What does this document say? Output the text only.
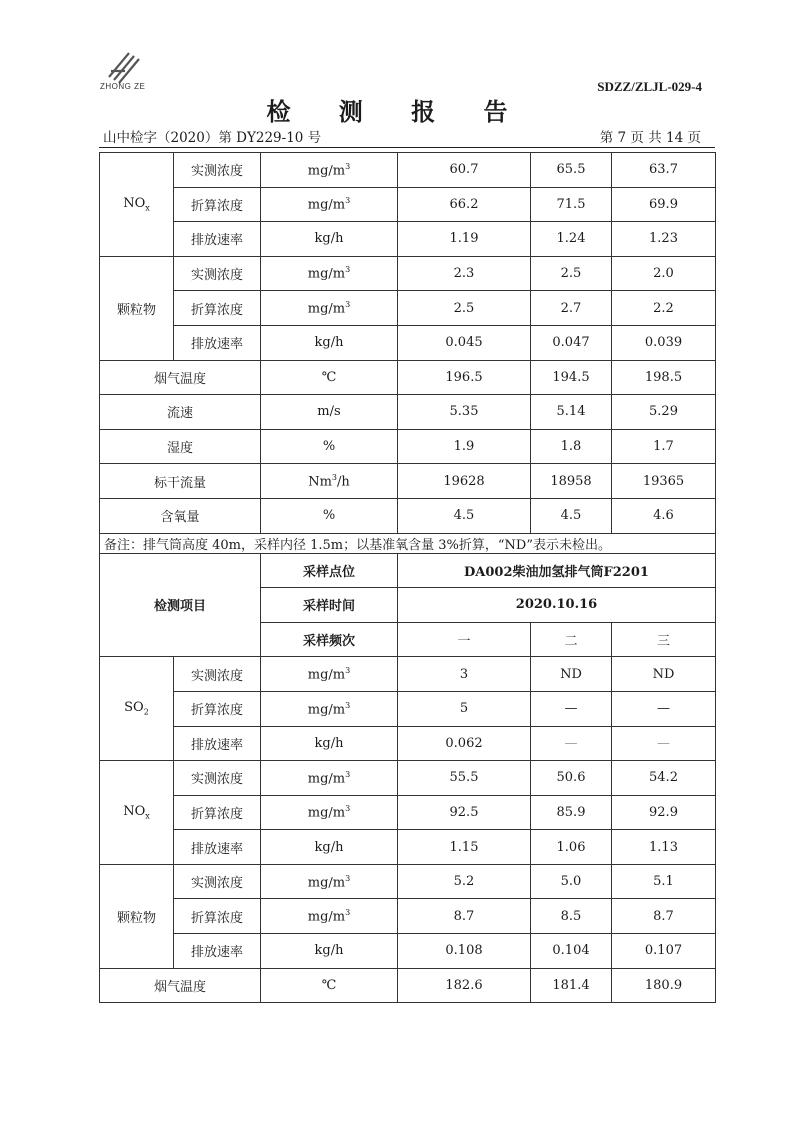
ZHONG ZE	SDZZ/ZLJL-029-4
检 测 报 告
山中检字（2020）第 DY229-10 号	第 7 页 共 14 页
$NO_x$	实测浓度	$mg/m^3$	60.7	65.5	63.7
	折算浓度	$mg/m^3$	66.2	71.5	69.9
	排放速率	kg/h	1.19	1.24	1.23
颗粒物	实测浓度	$mg/m^3$	2.3	2.5	2.0
	折算浓度	$mg/m^3$	2.5	2.7	2.2
	排放速率	kg/h	0.045	0.047	0.039
烟气温度		℃	196.5	194.5	198.5
流速		m/s	5.35	5.14	5.29
湿度		%	1.9	1.8	1.7
标干流量		Nm$^3$/h	19628	18958	19365
含氧量		%	4.5	4.5	4.6
备注：排气筒高度 40m，采样内径 1.5m；以基准氧含量 3%折算，“ND”表示未检出。					
检测项目		采样点位	DA002柴油加氢排气筒F2201		
		采样时间	2020.10.16		
		采样频次	一	二	三
$SO_2$	实测浓度	$mg/m^3$	3	ND	ND
	折算浓度	$mg/m^3$	5	—	—
	排放速率	kg/h	0.062	—	—
$NO_x$	实测浓度	$mg/m^3$	55.5	50.6	54.2
	折算浓度	$mg/m^3$	92.5	85.9	92.9
	排放速率	kg/h	1.15	1.06	1.13
颗粒物	实测浓度	$mg/m^3$	5.2	5.0	5.1
	折算浓度	$mg/m^3$	8.7	8.5	8.7
	排放速率	kg/h	0.108	0.104	0.107
烟气温度		℃	182.6	181.4	180.9
